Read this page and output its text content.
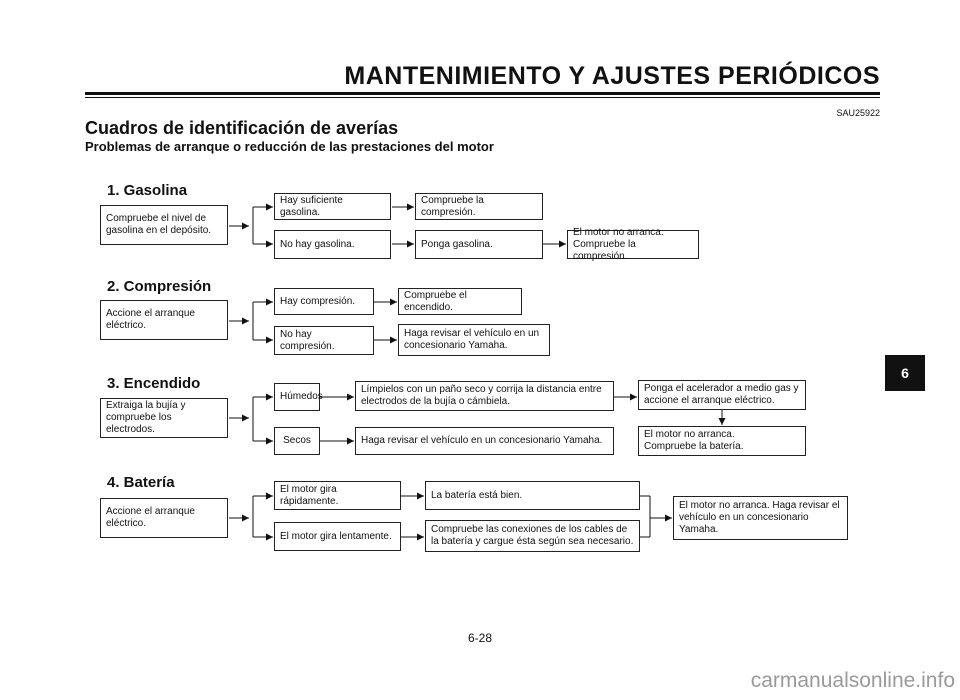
MANTENIMIENTO Y AJUSTES PERIÓDICOS
SAU25922
Cuadros de identificación de averías
Problemas de arranque o reducción de las prestaciones del motor
1. Gasolina
Compruebe el nivel de
gasolina en el depósito.
Hay suficiente gasolina.
Compruebe la compresión.
No hay gasolina.	Ponga gasolina.
El motor no arranca.
Compruebe la compresión.
2. Compresión
Accione el arranque
eléctrico.
Hay compresión.
Compruebe el encendido.
No hay compresión.
Haga revisar el vehículo en un
concesionario Yamaha.
3. Encendido
Extraiga la bujía y
compruebe los electrodos.
Húmedos
Límpielos con un paño seco y corrija la distancia entre
electrodos de la bujía o cámbiela.
Ponga el acelerador a medio gas y
accione el arranque eléctrico.
Secos	Haga revisar el vehículo en un concesionario Yamaha.
El motor no arranca.
Compruebe la batería.
4. Batería
Accione el arranque
eléctrico.
El motor gira rápidamente.
La batería está bien.
El motor gira lentamente.
Compruebe las conexiones de los cables de
la batería y cargue ésta según sea necesario.
El motor no arranca. Haga revisar el
vehículo en un concesionario
Yamaha.
6
6-28
carmanualsonline.info
